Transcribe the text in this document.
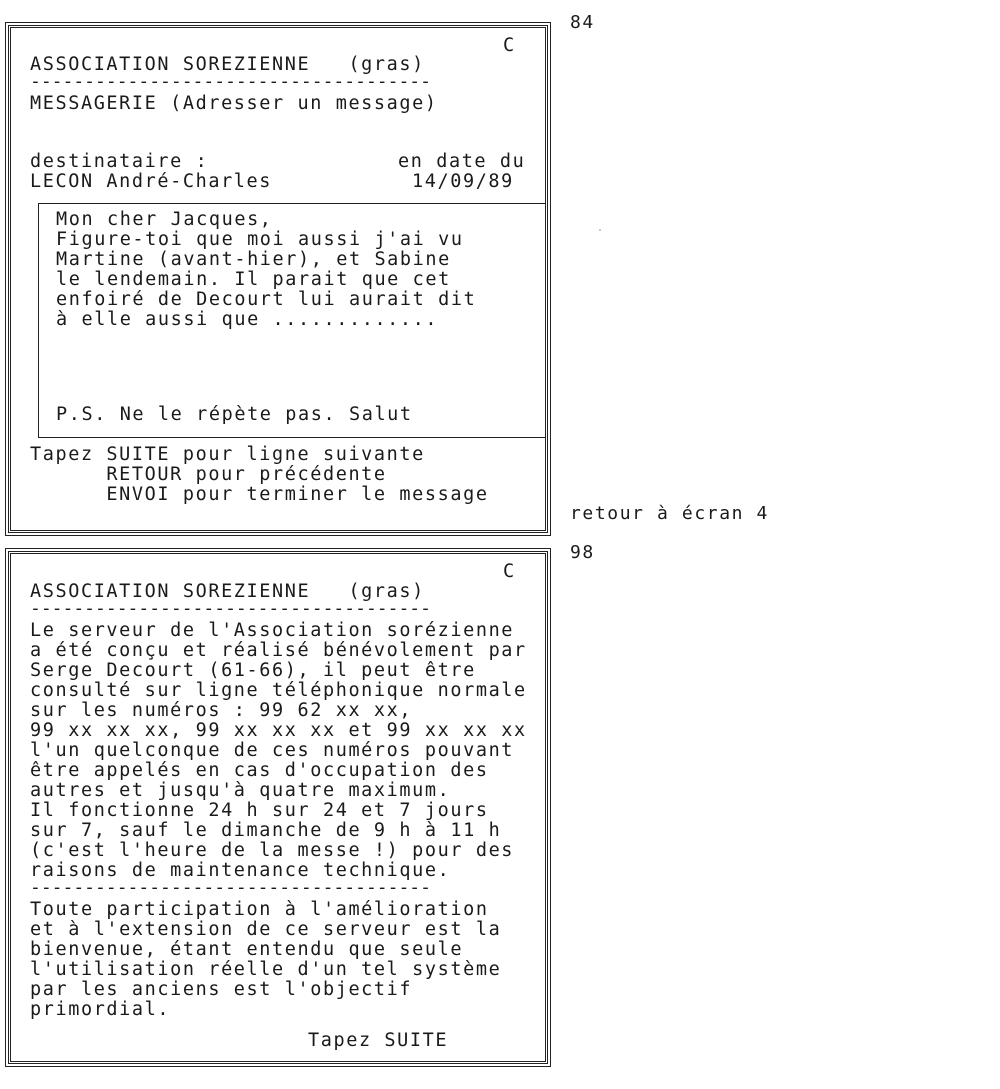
84
retour à écran 4
98
C
ASSOCIATION SOREZIENNE   (gras)
-------------------------------------
MESSAGERIE (Adresser un message)
destinataire :	en date du
LECON André-Charles	14/09/89
Mon cher Jacques,
Figure-toi que moi aussi j'ai vu
Martine (avant-hier), et Sabine
le lendemain. Il parait que cet
enfoiré de Decourt lui aurait dit
à elle aussi que .............
P.S. Ne le répète pas. Salut
Tapez SUITE pour ligne suivante
RETOUR pour précédente
ENVOI pour terminer le message
C
ASSOCIATION SOREZIENNE   (gras)
-------------------------------------
Le serveur de l'Association sorézienne
a été conçu et réalisé bénévolement par
Serge Decourt (61-66), il peut être
consulté sur ligne téléphonique normale
sur les numéros : 99 62 xx xx,
99 xx xx xx, 99 xx xx xx et 99 xx xx xx
l'un quelconque de ces numéros pouvant
être appelés en cas d'occupation des
autres et jusqu'à quatre maximum.
Il fonctionne 24 h sur 24 et 7 jours
sur 7, sauf le dimanche de 9 h à 11 h
(c'est l'heure de la messe !) pour des
raisons de maintenance technique.
-------------------------------------
Toute participation à l'amélioration
et à l'extension de ce serveur est la
bienvenue, étant entendu que seule
l'utilisation réelle d'un tel système
par les anciens est l'objectif
primordial.
Tapez SUITE
